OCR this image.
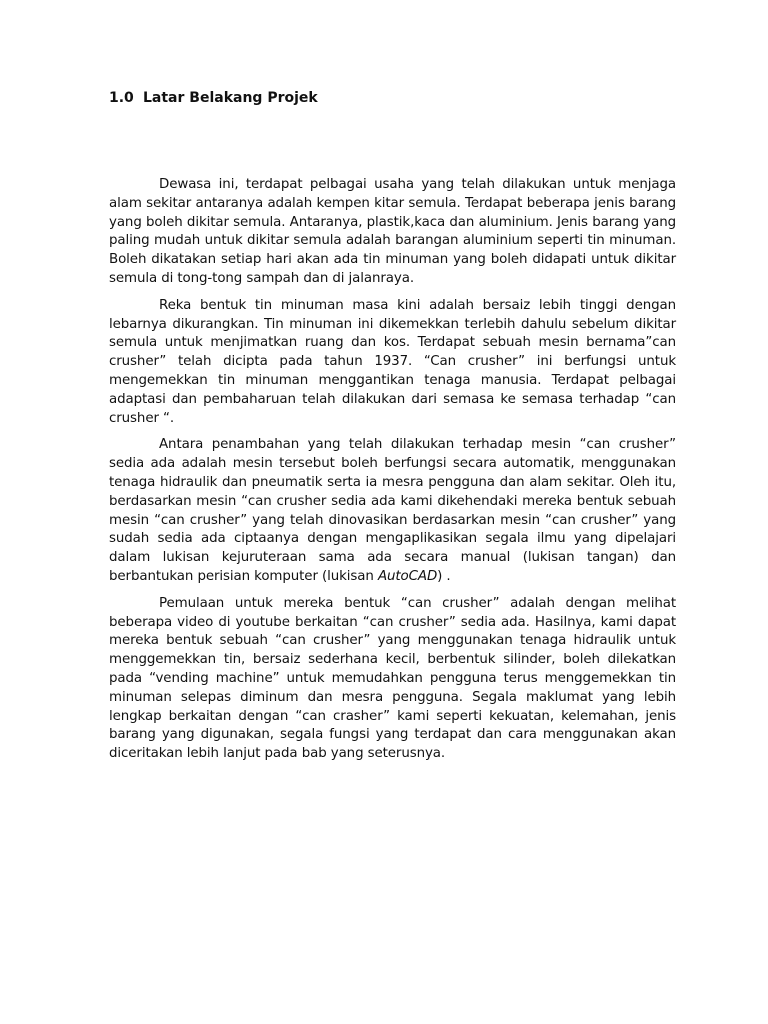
1.0 Latar Belakang Projek

Dewasa ini, terdapat pelbagai usaha yang telah dilakukan untuk menjaga alam sekitar antaranya adalah kempen kitar semula. Terdapat beberapa jenis barang yang boleh dikitar semula. Antaranya, plastik,kaca dan aluminium. Jenis barang yang paling mudah untuk dikitar semula adalah barangan aluminium seperti tin minuman. Boleh dikatakan setiap hari akan ada tin minuman yang boleh didapati untuk dikitar semula di tong-tong sampah dan di jalanraya.

Reka bentuk tin minuman masa kini adalah bersaiz lebih tinggi dengan lebarnya dikurangkan. Tin minuman ini dikemekkan terlebih dahulu sebelum dikitar semula untuk menjimatkan ruang dan kos. Terdapat sebuah mesin bernama”can crusher” telah dicipta pada tahun 1937. “Can crusher” ini berfungsi untuk mengemekkan tin minuman menggantikan tenaga manusia. Terdapat pelbagai adaptasi dan pembaharuan telah dilakukan dari semasa ke semasa terhadap “can crusher “.

Antara penambahan yang telah dilakukan terhadap mesin “can crusher” sedia ada adalah mesin tersebut boleh berfungsi secara automatik, menggunakan tenaga hidraulik dan pneumatik serta ia mesra pengguna dan alam sekitar. Oleh itu, berdasarkan mesin “can crusher sedia ada kami dikehendaki mereka bentuk sebuah mesin “can crusher” yang telah dinovasikan berdasarkan mesin “can crusher” yang sudah sedia ada ciptaanya dengan mengaplikasikan segala ilmu yang dipelajari dalam lukisan kejuruteraan sama ada secara manual (lukisan tangan) dan berbantukan perisian komputer (lukisan AutoCAD) .

Pemulaan untuk mereka bentuk “can crusher” adalah dengan melihat beberapa video di youtube berkaitan “can crusher” sedia ada. Hasilnya, kami dapat mereka bentuk sebuah “can crusher” yang menggunakan tenaga hidraulik untuk menggemekkan tin, bersaiz sederhana kecil, berbentuk silinder, boleh dilekatkan pada “vending machine” untuk memudahkan pengguna terus menggemekkan tin minuman selepas diminum dan mesra pengguna. Segala maklumat yang lebih lengkap berkaitan dengan “can crasher” kami seperti kekuatan, kelemahan, jenis barang yang digunakan, segala fungsi yang terdapat dan cara menggunakan akan diceritakan lebih lanjut pada bab yang seterusnya.
